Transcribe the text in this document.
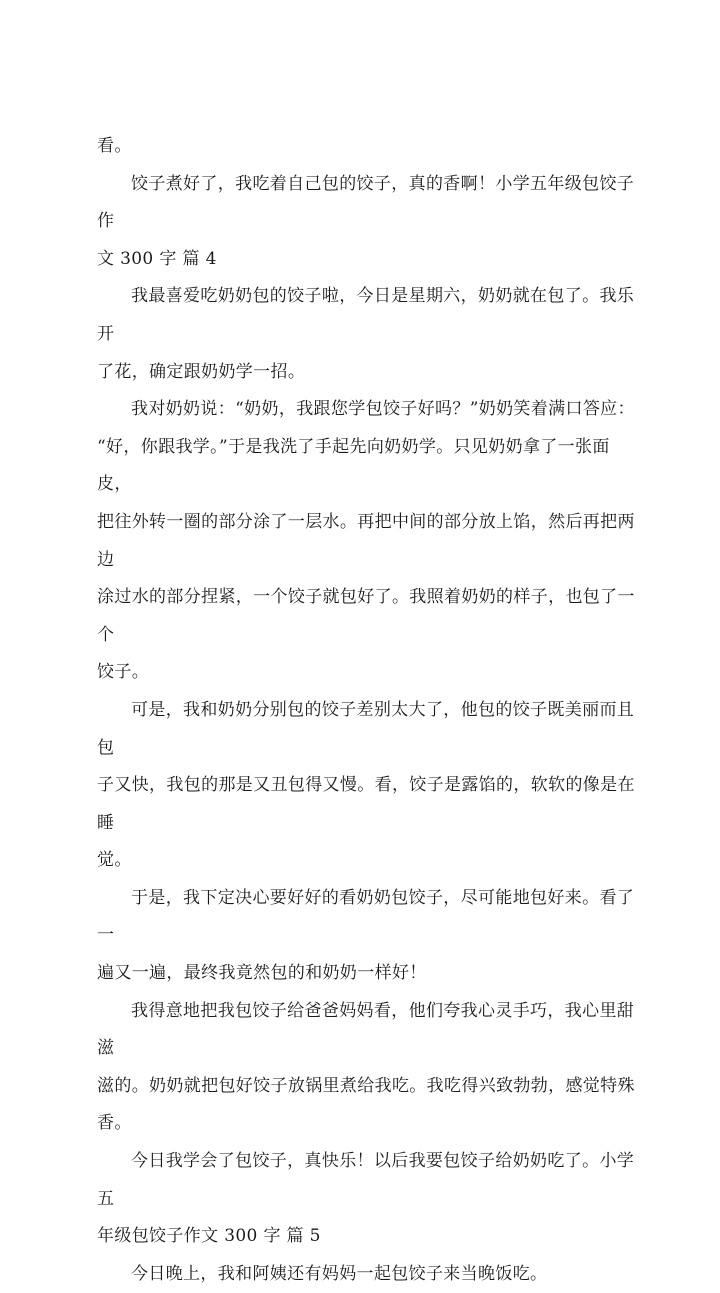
看。

饺子煮好了，我吃着自己包的饺子，真的香啊！小学五年级包饺子作
文 300 字 篇 4

我最喜爱吃奶奶包的饺子啦，今日是星期六，奶奶就在包了。我乐开
了花，确定跟奶奶学一招。

我对奶奶说：“奶奶，我跟您学包饺子好吗？”奶奶笑着满口答应：
“好，你跟我学。”于是我洗了手起先向奶奶学。只见奶奶拿了一张面皮，
把往外转一圈的部分涂了一层水。再把中间的部分放上馅，然后再把两边
涂过水的部分捏紧，一个饺子就包好了。我照着奶奶的样子，也包了一个
饺子。

可是，我和奶奶分别包的饺子差别太大了，他包的饺子既美丽而且包
子又快，我包的那是又丑包得又慢。看，饺子是露馅的，软软的像是在睡
觉。

于是，我下定决心要好好的看奶奶包饺子，尽可能地包好来。看了一
遍又一遍，最终我竟然包的和奶奶一样好！

我得意地把我包饺子给爸爸妈妈看，他们夸我心灵手巧，我心里甜滋
滋的。奶奶就把包好饺子放锅里煮给我吃。我吃得兴致勃勃，感觉特殊香。

今日我学会了包饺子，真快乐！以后我要包饺子给奶奶吃了。小学五
年级包饺子作文 300 字 篇 5

今日晚上，我和阿姨还有妈妈一起包饺子来当晚饭吃。
